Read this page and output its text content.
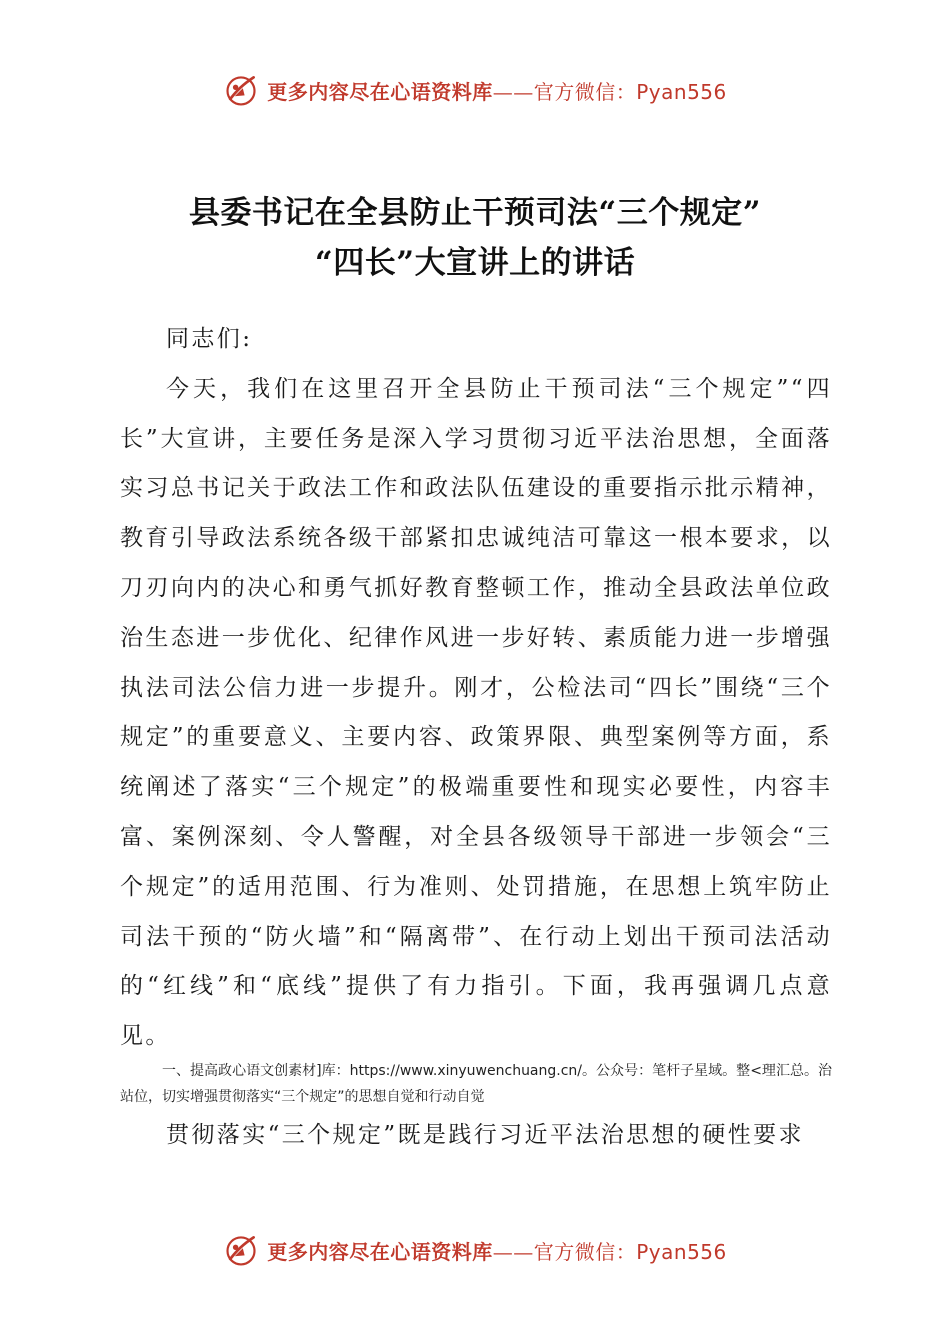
更多内容尽在心语资料库——官方微信：Pyan556
县委书记在全县防止干预司法“三个规定”
“四长”大宣讲上的讲话

同志们:

今天，我们在这里召开全县防止干预司法“三个规定”“四长”大宣讲，主要任务是深入学习贯彻习近平法治思想，全面落实习总书记关于政法工作和政法队伍建设的重要指示批示精神，教育引导政法系统各级干部紧扣忠诚纯洁可靠这一根本要求，以刀刃向内的决心和勇气抓好教育整顿工作，推动全县政法单位政治生态进一步优化、纪律作风进一步好转、素质能力进一步增强执法司法公信力进一步提升。刚才，公检法司“四长”围绕“三个规定”的重要意义、主要内容、政策界限、典型案例等方面，系统阐述了落实“三个规定”的极端重要性和现实必要性，内容丰富、案例深刻、令人警醒，对全县各级领导干部进一步领会“三个规定”的适用范围、行为准则、处罚措施，在思想上筑牢防止司法干预的“防火墙”和“隔离带”、在行动上划出干预司法活动的“红线”和“底线”提供了有力指引。下面，我再强调几点意见。

一、提高政心语文创素材]库：https://www.xinyuwenchuang.cn/。公众号：笔杆子星域。整<理汇总。治站位，切实增强贯彻落实“三个规定”的思想自觉和行动自觉

贯彻落实“三个规定”既是践行习近平法治思想的硬性要求

更多内容尽在心语资料库——官方微信：Pyan556
